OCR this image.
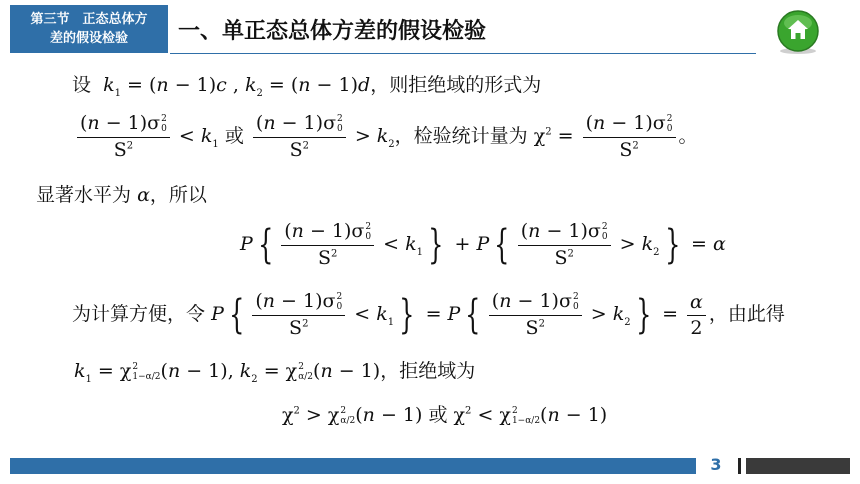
第三节　正态总体方
差的假设检验	一、单正态总体方差的假设检验
设 $k_1 = (n - 1)c$ , $k_2 = (n - 1)d$，则拒绝域的形式为
(n − 1)σ 2
0
$S^2 < k_1$ 或 (n − 1)σ 2
0
$S^2 > k_2$，检验统计量为 $\chi^2 = (n - 1)\sigma$ 2
0
$S^2$ 。
显著水平为 α，所以
P { (n − 1)σ 2
0
$S^2 < k_1$ } + P { (n − 1)σ 2
0
$S^2 > k_2$ } = α
为计算方便，令 P { (n − 1)σ 2
0
$S^2 < k_1$ } = P { (n − 1)σ 2
0
$S^2 > k_2$ } = $\frac{\alpha}{2}$ ，由此得
$k_1 = \chi$ 2
1−α/2 (n − 1), $k_2 = \chi$ 2
α/2 (n − 1)，拒绝域为
$\chi^2 > \chi$ 2
α/2 (n − 1) 或 $\chi^2 < \chi$ 2
1−α/2 (n − 1)
3
